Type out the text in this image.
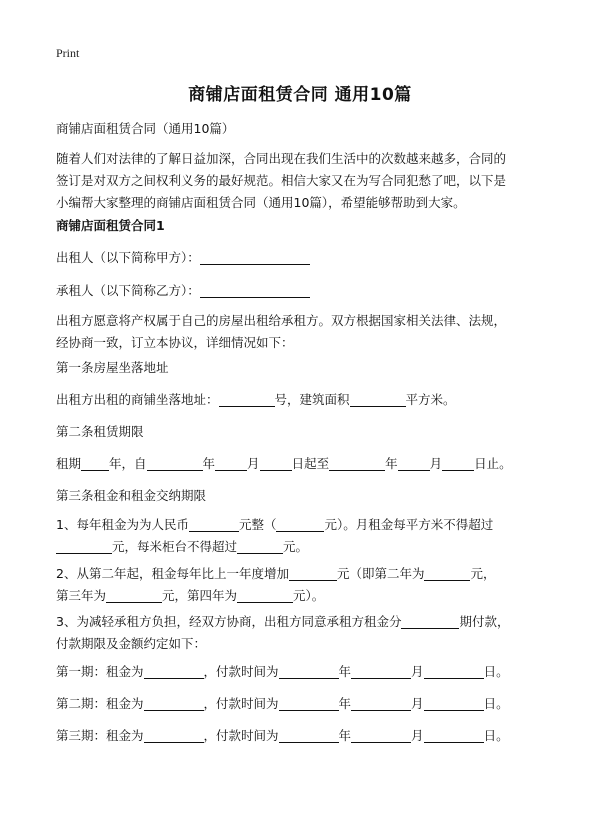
Print
商铺店面租赁合同 通用10篇
商铺店面租赁合同（通用10篇）
随着人们对法律的了解日益加深，合同出现在我们生活中的次数越来越多，合同的
签订是对双方之间权利义务的最好规范。相信大家又在为写合同犯愁了吧，以下是
小编帮大家整理的商铺店面租赁合同（通用10篇），希望能够帮助到大家。
商铺店面租赁合同1
出租人（以下简称甲方）：
承租人（以下简称乙方）：
出租方愿意将产权属于自己的房屋出租给承租方。双方根据国家相关法律、法规，
经协商一致，订立本协议，详细情况如下：
第一条房屋坐落地址
出租方出租的商铺坐落地址：	号，建筑面积	平方米。
第二条租赁期限
租期 年，自	年	月	日起至	年	月	日止。
第三条租金和租金交纳期限
1、每年租金为为人民币	元整（	元）。月租金每平方米不得超过
元，每米柜台不得超过	元。
2、从第二年起，租金每年比上一年度增加	元（即第二年为	元，
第三年为	元，第四年为	元）。
3、为减轻承租方负担，经双方协商，出租方同意承租方租金分	期付款，
付款期限及金额约定如下：
第一期：租金为	，付款时间为	年	月	日。
第二期：租金为	，付款时间为	年	月	日。
第三期：租金为	，付款时间为	年	月	日。
